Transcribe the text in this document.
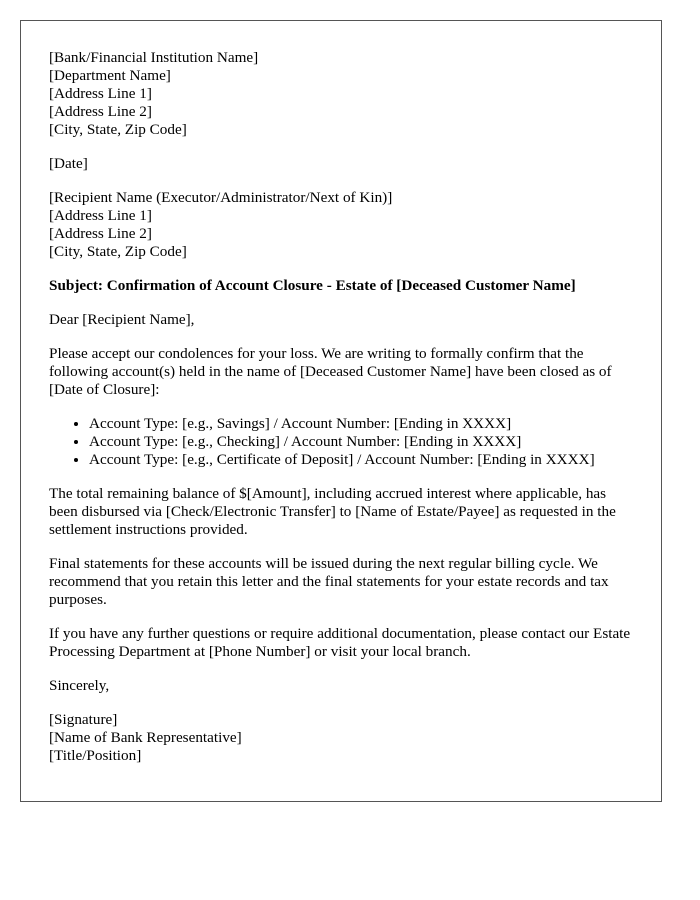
[Bank/Financial Institution Name]
[Department Name]
[Address Line 1]
[Address Line 2]
[City, State, Zip Code]

[Date]

[Recipient Name (Executor/Administrator/Next of Kin)]
[Address Line 1]
[Address Line 2]
[City, State, Zip Code]

Subject: Confirmation of Account Closure - Estate of [Deceased Customer Name]

Dear [Recipient Name],

Please accept our condolences for your loss. We are writing to formally confirm that the following account(s) held in the name of [Deceased Customer Name] have been closed as of [Date of Closure]:

• Account Type: [e.g., Savings] / Account Number: [Ending in XXXX]
• Account Type: [e.g., Checking] / Account Number: [Ending in XXXX]
• Account Type: [e.g., Certificate of Deposit] / Account Number: [Ending in XXXX]

The total remaining balance of $[Amount], including accrued interest where applicable, has been disbursed via [Check/Electronic Transfer] to [Name of Estate/Payee] as requested in the settlement instructions provided.

Final statements for these accounts will be issued during the next regular billing cycle. We recommend that you retain this letter and the final statements for your estate records and tax purposes.

If you have any further questions or require additional documentation, please contact our Estate Processing Department at [Phone Number] or visit your local branch.

Sincerely,

[Signature]
[Name of Bank Representative]
[Title/Position]
